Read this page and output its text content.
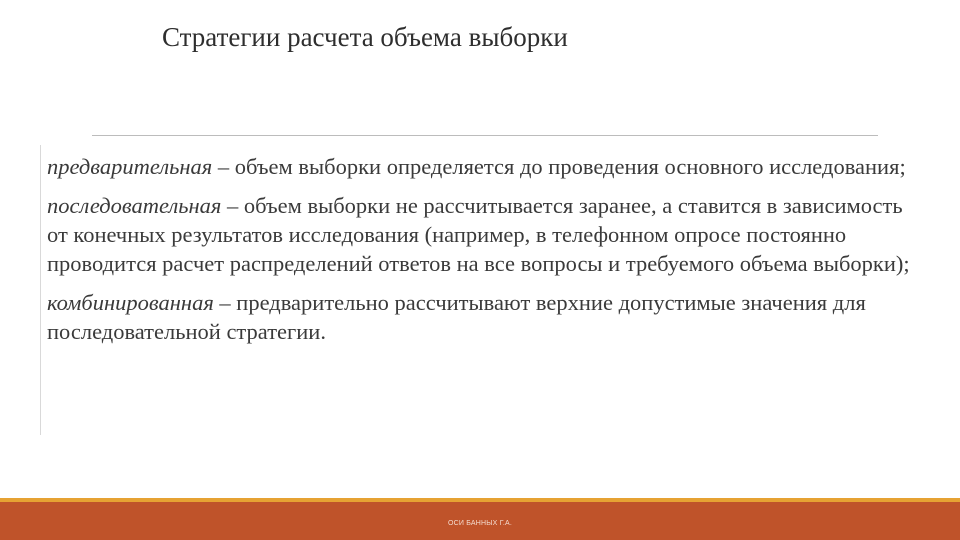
Стратегии расчета объема выборки

предварительная – объем выборки определяется до проведения основного исследования;

последовательная – объем выборки не рассчитывается заранее, а ставится в зависимость от конечных результатов исследования (например, в телефонном опросе постоянно проводится расчет распределений ответов на все вопросы и требуемого объема выборки);

комбинированная – предварительно рассчитывают верхние допустимые значения для последовательной стратегии.

ОСИ БАННЫХ Г.А.
